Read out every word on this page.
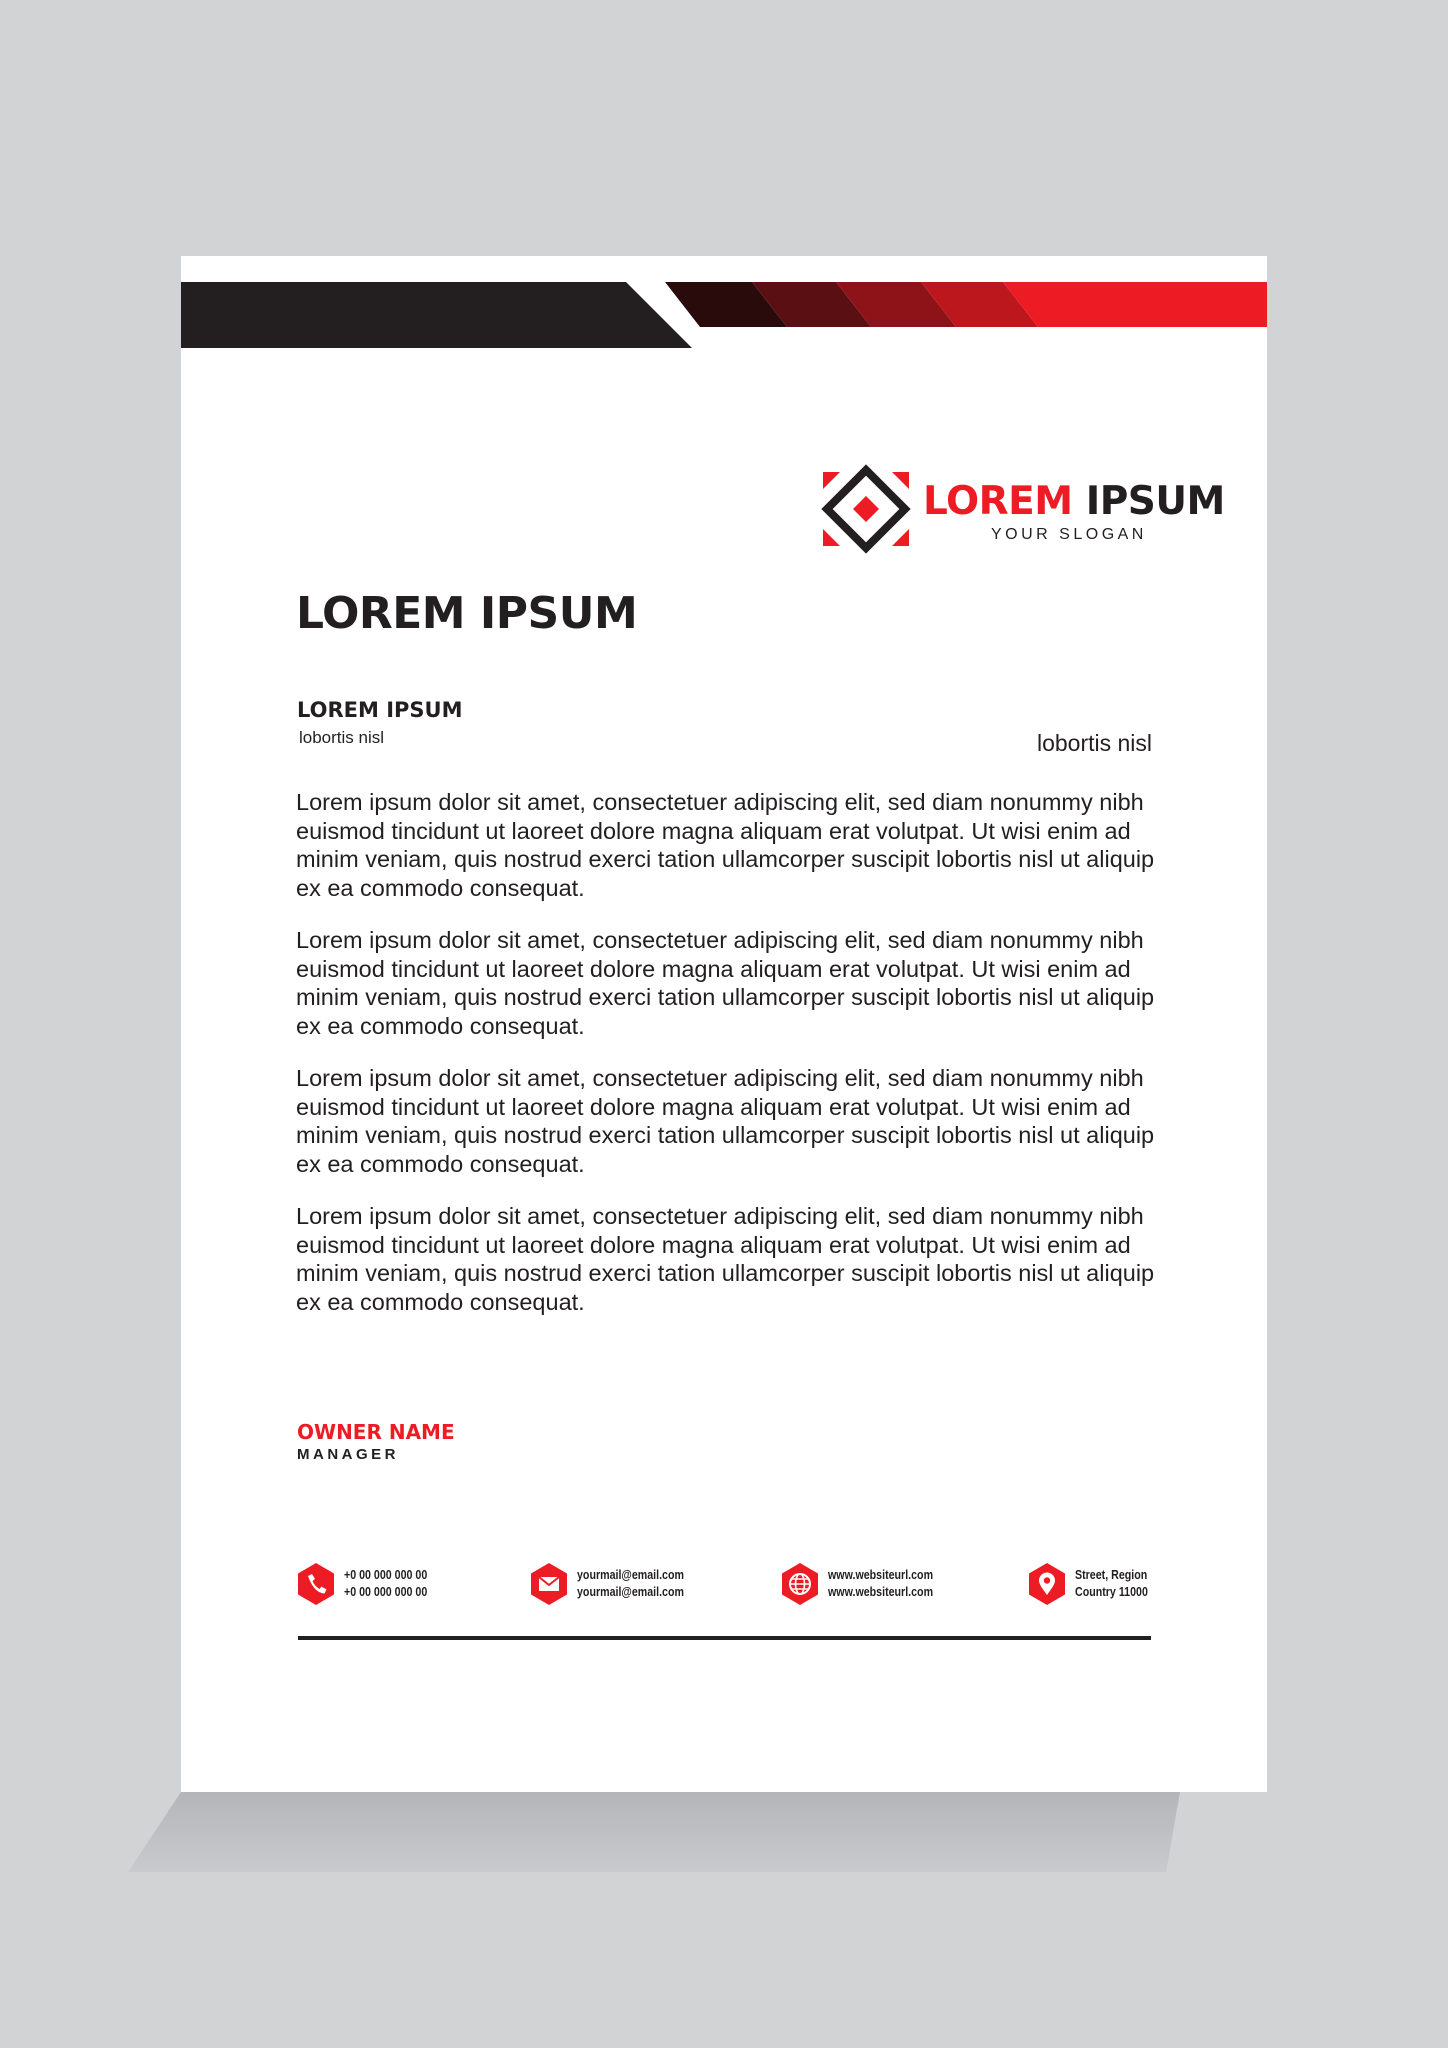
LOREM IPSUM
YOUR SLOGAN
LOREM IPSUM
LOREM IPSUM
lobortis nisl	lobortis nisl

Lorem ipsum dolor sit amet, consectetuer adipiscing elit, sed diam nonummy nibh euismod tincidunt ut laoreet dolore magna aliquam erat volutpat. Ut wisi enim ad minim veniam, quis nostrud exerci tation ullamcorper suscipit lobortis nisl ut aliquip ex ea commodo consequat.

Lorem ipsum dolor sit amet, consectetuer adipiscing elit, sed diam nonummy nibh euismod tincidunt ut laoreet dolore magna aliquam erat volutpat. Ut wisi enim ad minim veniam, quis nostrud exerci tation ullamcorper suscipit lobortis nisl ut aliquip ex ea commodo consequat.

Lorem ipsum dolor sit amet, consectetuer adipiscing elit, sed diam nonummy nibh euismod tincidunt ut laoreet dolore magna aliquam erat volutpat. Ut wisi enim ad minim veniam, quis nostrud exerci tation ullamcorper suscipit lobortis nisl ut aliquip ex ea commodo consequat.

Lorem ipsum dolor sit amet, consectetuer adipiscing elit, sed diam nonummy nibh euismod tincidunt ut laoreet dolore magna aliquam erat volutpat. Ut wisi enim ad minim veniam, quis nostrud exerci tation ullamcorper suscipit lobortis nisl ut aliquip ex ea commodo consequat.

OWNER NAME
MANAGER
+0 00 000 000 00
+0 00 000 000 00
yourmail@email.com
yourmail@email.com
www.websiteurl.com
www.websiteurl.com
Street, Region
Country 11000
